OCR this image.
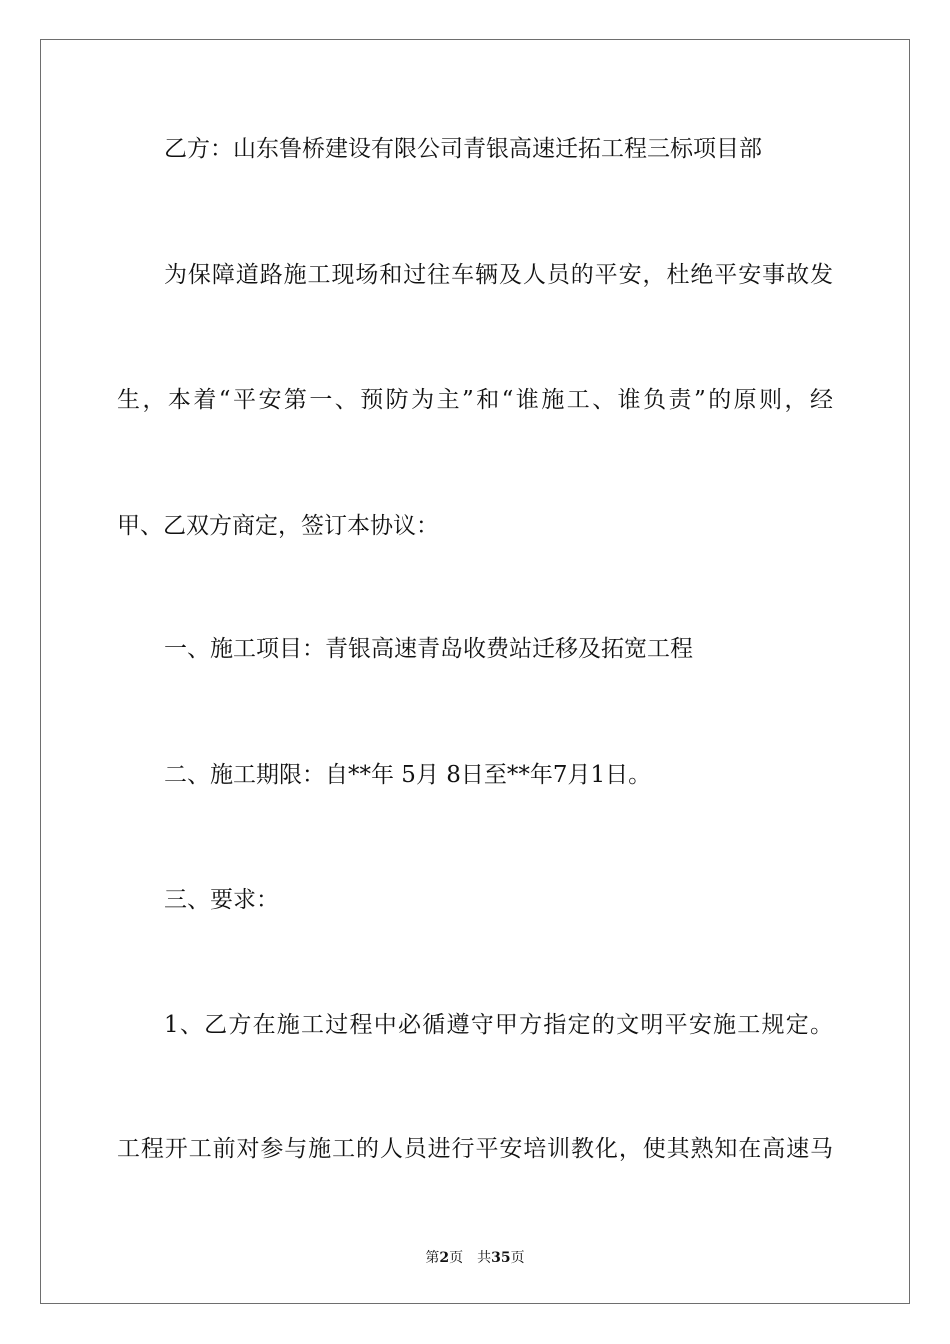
乙方：山东鲁桥建设有限公司青银高速迁拓工程三标项目部
为保障道路施工现场和过往车辆及人员的平安，杜绝平安事故发
生，本着“平安第一、预防为主”和“谁施工、谁负责”的原则，经
甲、乙双方商定，签订本协议：
一、施工项目：青银高速青岛收费站迁移及拓宽工程
二、施工期限：自**年 5月 8日至**年7月1日。
三、要求：
1、乙方在施工过程中必循遵守甲方指定的文明平安施工规定。
工程开工前对参与施工的人员进行平安培训教化，使其熟知在高速马
第2页 共35页
